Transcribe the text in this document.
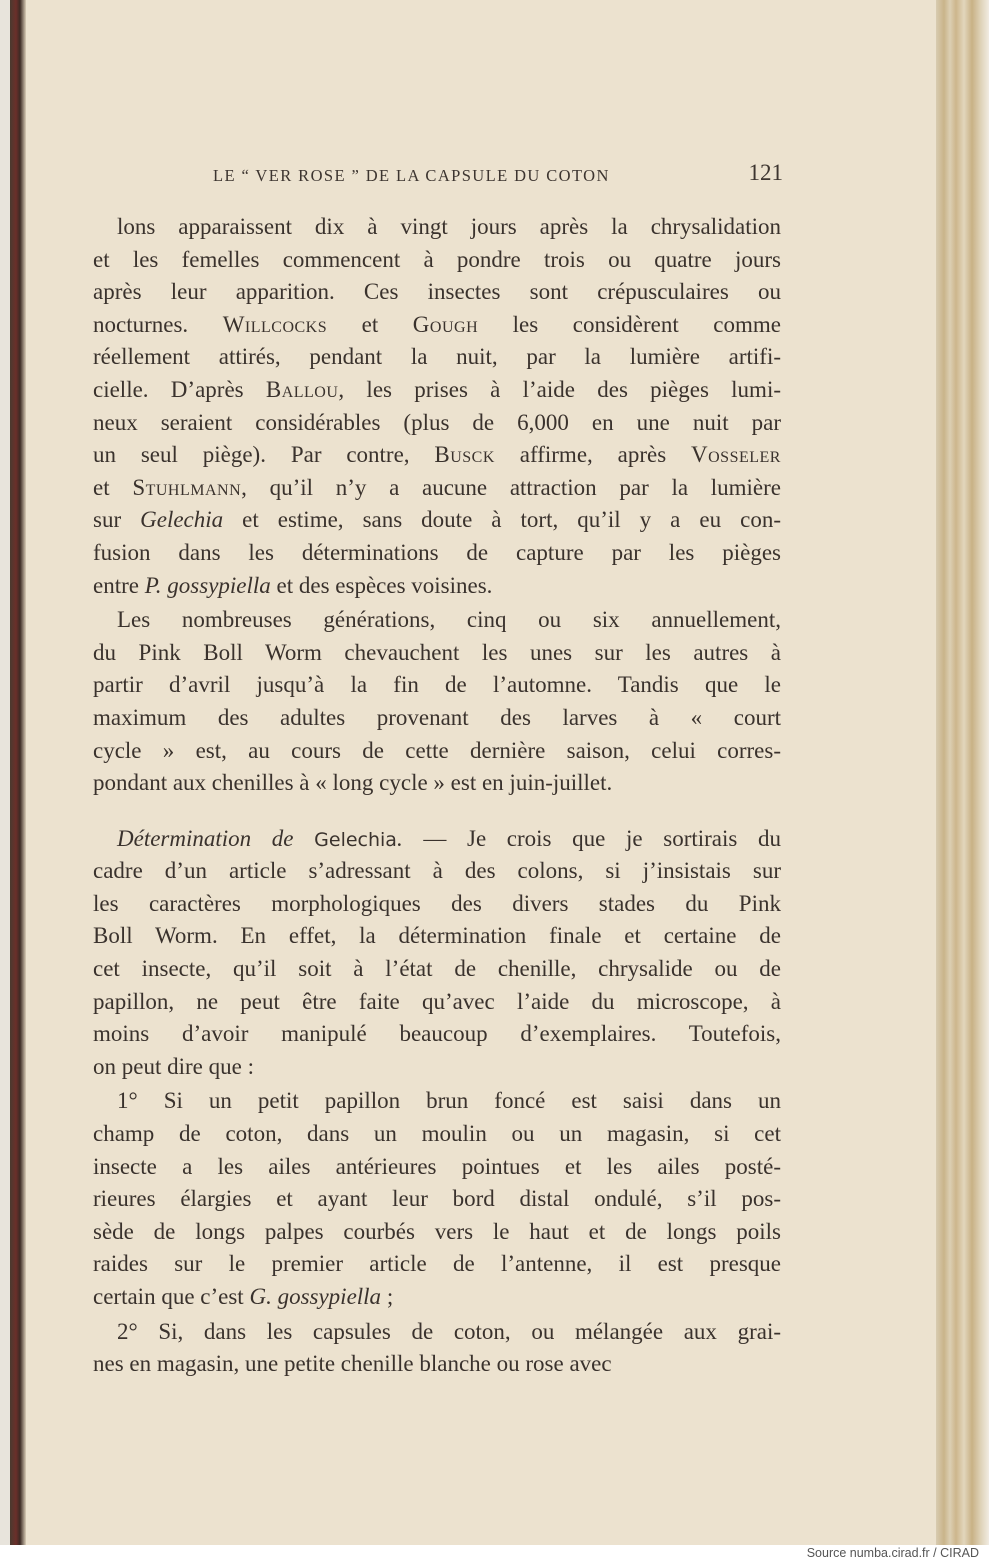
LE “ VER ROSE ” DE LA CAPSULE DU COTON	121
lons apparaissent dix à vingt jours après la chrysalidation
et les femelles commencent à pondre trois ou quatre jours
après leur apparition. Ces insectes sont crépusculaires ou
nocturnes. Willcocks et Gough les considèrent comme
réellement attirés, pendant la nuit, par la lumière artifi-
cielle. D’après Ballou, les prises à l’aide des pièges lumi-
neux seraient considérables (plus de 6,000 en une nuit par
un seul piège). Par contre, Busck affirme, après Vosseler
et Stuhlmann, qu’il n’y a aucune attraction par la lumière
sur Gelechia et estime, sans doute à tort, qu’il y a eu con-
fusion dans les déterminations de capture par les pièges
entre P. gossypiella et des espèces voisines.
Les nombreuses générations, cinq ou six annuellement,
du Pink Boll Worm chevauchent les unes sur les autres à
partir d’avril jusqu’à la fin de l’automne. Tandis que le
maximum des adultes provenant des larves à « court
cycle » est, au cours de cette dernière saison, celui corres-
pondant aux chenilles à « long cycle » est en juin-juillet.
Détermination de Gelechia. — Je crois que je sortirais du
cadre d’un article s’adressant à des colons, si j’insistais sur
les caractères morphologiques des divers stades du Pink
Boll Worm. En effet, la détermination finale et certaine de
cet insecte, qu’il soit à l’état de chenille, chrysalide ou de
papillon, ne peut être faite qu’avec l’aide du microscope, à
moins d’avoir manipulé beaucoup d’exemplaires. Toutefois,
on peut dire que :
1° Si un petit papillon brun foncé est saisi dans un
champ de coton, dans un moulin ou un magasin, si cet
insecte a les ailes antérieures pointues et les ailes posté-
rieures élargies et ayant leur bord distal ondulé, s’il pos-
sède de longs palpes courbés vers le haut et de longs poils
raides sur le premier article de l’antenne, il est presque
certain que c’est G. gossypiella ;
2° Si, dans les capsules de coton, ou mélangée aux grai-
nes en magasin, une petite chenille blanche ou rose avec
Source numba.cirad.fr / CIRAD
